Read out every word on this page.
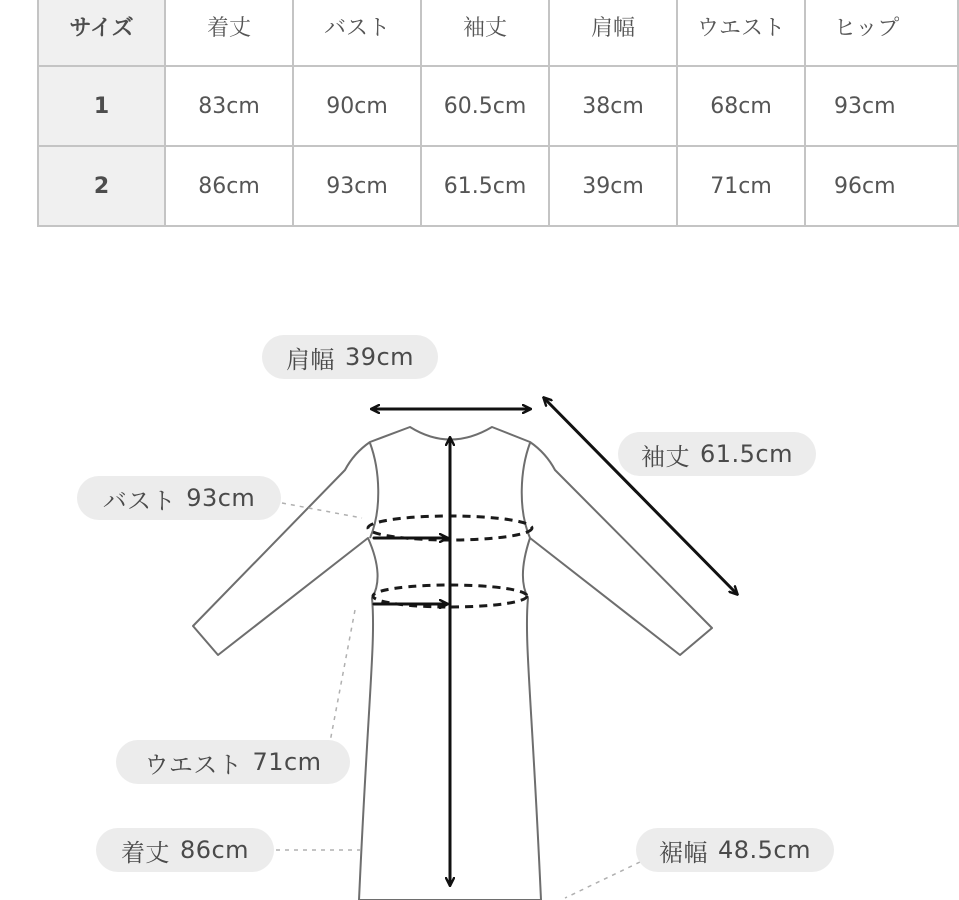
サイズ	着丈	バスト	袖丈	肩幅	ウエスト	ヒップ
1	83cm	90cm	60.5cm	38cm	68cm	93cm
2	86cm	93cm	61.5cm	39cm	71cm	96cm
肩幅 39cm
袖丈 61.5cm
バスト 93cm
ウエスト 71cm
着丈 86cm	裾幅 48.5cm
